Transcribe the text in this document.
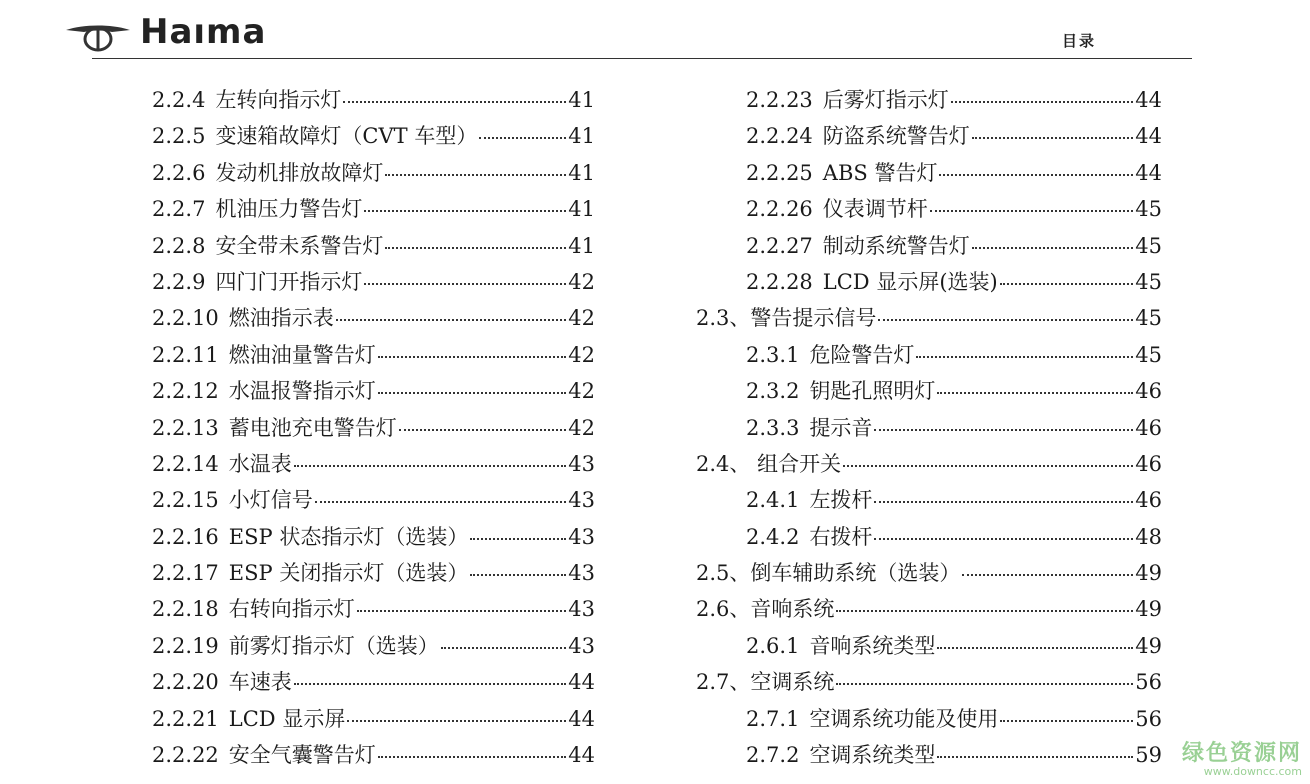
Haıma	目录
2.2.4 左转向指示灯	41
2.2.5 变速箱故障灯（CVT 车型）	41
2.2.6 发动机排放故障灯	41
2.2.7 机油压力警告灯	41
2.2.8 安全带未系警告灯	41
2.2.9 四门门开指示灯	42
2.2.10 燃油指示表	42
2.2.11 燃油油量警告灯	42
2.2.12 水温报警指示灯	42
2.2.13 蓄电池充电警告灯	42
2.2.14 水温表	43
2.2.15 小灯信号	43
2.2.16 ESP 状态指示灯（选装）	43
2.2.17 ESP 关闭指示灯（选装）	43
2.2.18 右转向指示灯	43
2.2.19 前雾灯指示灯（选装）	43
2.2.20 车速表	44
2.2.21 LCD 显示屏	44
2.2.22 安全气囊警告灯	44
2.2.23 后雾灯指示灯	44
2.2.24 防盗系统警告灯	44
2.2.25 ABS 警告灯	44
2.2.26 仪表调节杆	45
2.2.27 制动系统警告灯	45
2.2.28 LCD 显示屏(选装)	45
2.3、 警告提示信号	45
2.3.1 危险警告灯	45
2.3.2 钥匙孔照明灯	46
2.3.3 提示音	46
2.4、 组合开关	46
2.4.1 左拨杆	46
2.4.2 右拨杆	48
2.5、 倒车辅助系统（选装）	49
2.6、 音响系统	49
2.6.1 音响系统类型	49
2.7、 空调系统	56
2.7.1 空调系统功能及使用	56
2.7.2 空调系统类型	59 绿色资源网
www.downcc.com
